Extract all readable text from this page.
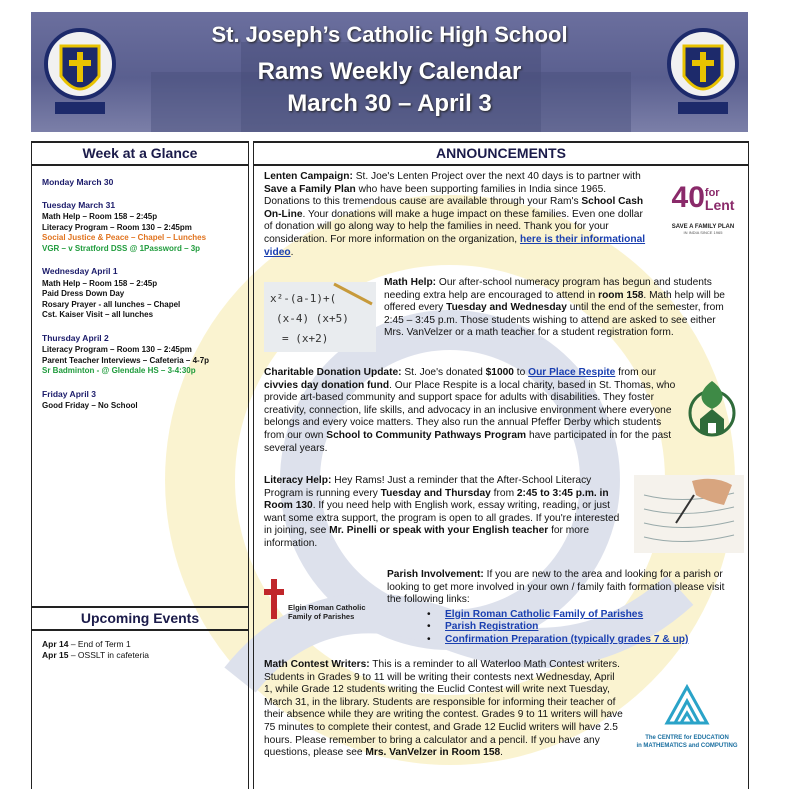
St. Joseph’s Catholic High School
Rams Weekly Calendar
March 30 – April 3
Week at a Glance
Monday March 30
Tuesday March 31
Math Help – Room 158 – 2:45p
Literacy Program – Room 130 – 2:45pm
Social Justice & Peace – Chapel – Lunches
VGR – v Stratford DSS @ 1Password – 3p
Wednesday April 1
Math Help – Room 158 – 2:45p
Paid Dress Down Day
Rosary Prayer - all lunches – Chapel
Cst. Kaiser Visit – all lunches
Thursday April 2
Literacy Program – Room 130 – 2:45pm
Parent Teacher Interviews – Cafeteria – 4-7p
Sr Badminton - @ Glendale HS – 3-4:30p
Friday April 3
Good Friday – No School
Upcoming Events
Apr 14 – End of Term 1
Apr 15 – OSSLT in cafeteria
ANNOUNCEMENTS
Lenten Campaign: St. Joe's Lenten Project over the next 40 days is to partner with Save a Family Plan who have been supporting families in India since 1965. Donations to this tremendous cause are available through your Ram's School Cash On-Line. Your donations will make a huge impact on these families. Even one dollar of donation will go along way to help the families in need. Thank you for your consideration. For more information on the organization, here is their informational video.
40for
Lent
SAVE A FAMILY PLAN
IN INDIA SINCE 1965
x²-(a-1)+(
(x-4) (x+5)
= (x+2)
Math Help: Our after-school numeracy program has begun and students needing extra help are encouraged to attend in room 158. Math help will be offered every Tuesday and Wednesday until the end of the semester, from 2:45 – 3:45 p.m. Those students wishing to attend are asked to see either Mrs. VanVelzer or a math teacher for a student registration form.
Charitable Donation Update: St. Joe's donated $1000 to Our Place Respite from our civvies day donation fund. Our Place Respite is a local charity, based in St. Thomas, who provide art-based community and support space for adults with disabilities. They foster creativity, connection, life skills, and advocacy in an inclusive environment where everyone belongs and every voice matters. They also run the annual Pfeffer Derby which students from our own School to Community Pathways Program have participated in for the past several years.
Literacy Help: Hey Rams! Just a reminder that the After-School Literacy Program is running every Tuesday and Thursday from 2:45 to 3:45 p.m. in Room 130. If you need help with English work, essay writing, reading, or just want some extra support, the program is open to all grades. If you're interested in joining, see Mr. Pinelli or speak with your English teacher for more information.
Elgin Roman Catholic
Family of Parishes
Parish Involvement: If you are new to the area and looking for a parish or looking to get more involved in your own / family faith formation please visit the following links:
• Elgin Roman Catholic Family of Parishes
• Parish Registration
• Confirmation Preparation (typically grades 7 & up)
Math Contest Writers: This is a reminder to all Waterloo Math Contest writers. Students in Grades 9 to 11 will be writing their contests next Wednesday, April 1, while Grade 12 students writing the Euclid Contest will write next Tuesday, March 31, in the library. Students are responsible for informing their teacher of their absence while they are writing the contest. Grades 9 to 11 writers will have 75 minutes to complete their contest, and Grade 12 Euclid writers will have 2.5 hours. Please remember to bring a calculator and a pencil. If you have any questions, please see Mrs. VanVelzer in Room 158.
The CENTRE for EDUCATION
in MATHEMATICS and COMPUTING
